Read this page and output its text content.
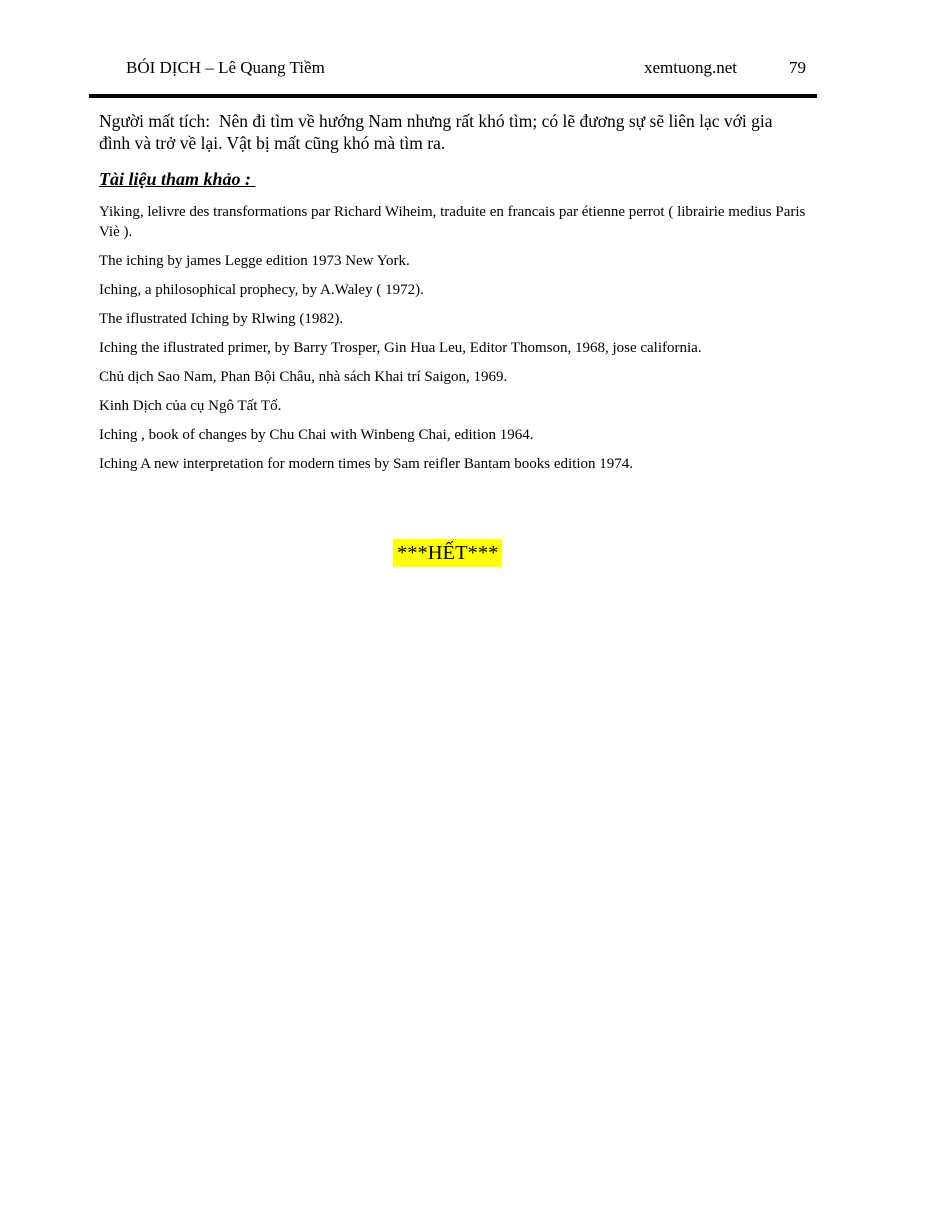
BÓI DỊCH – Lê Quang Tiềm	xemtuong.net	79
Người mất tích:  Nên đi tìm về hướng Nam nhưng rất khó tìm; có lẽ đương sự sẽ liên lạc với gia đình và trở về lại. Vật bị mất cũng khó mà tìm ra.
Tài liệu tham khảo :

Yiking, lelivre des transformations par Richard Wiheim, traduite en francais par étienne perrot ( librairie medius Paris Viè ).

The iching by james Legge edition 1973 New York.

Iching, a philosophical prophecy, by A.Waley ( 1972).

The iflustrated Iching by Rlwing (1982).

Iching the iflustrated primer, by Barry Trosper, Gin Hua Leu, Editor Thomson, 1968, jose california.

Chủ dịch Sao Nam, Phan Bội Châu, nhà sách Khai trí Saigon, 1969.

Kinh Dịch của cụ Ngô Tất Tố.

Iching , book of changes by Chu Chai with Winbeng Chai, edition 1964.

Iching A new interpretation for modern times by Sam reifler Bantam books edition 1974.

***HẾT***
